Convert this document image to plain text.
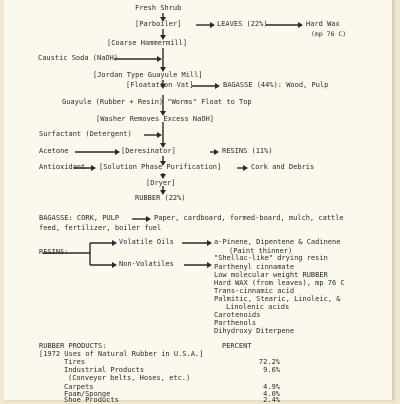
Fresh Shrub
[Parboiler]	LEAVES (22%)	Hard Wax
(mp 76 C)
[Coarse Hammermill]
Caustic Soda (NaOH)
[Jordan Type Guayule Mill]
[Floatation Vat]	BAGASSE (44%): Wood, Pulp
Guayule (Rubber + Resin) "Worms" Float to Top
[Washer Removes Excess NaOH]
Surfactant (Detergent)
Acetone	[Deresinator]	RESINS (11%)
Antioxidant [Solution Phase Purification]	Cork and Debris
[Dryer]
RUBBER (22%)
BAGASSE: CORK, PULP	Paper, cardboard, formed-board, mulch, cattle
feed, fertilizer, boiler fuel
RESINS:
Volatile Oils
Non-Volatiles
a-Pinene, Dipentene & Cadinene
(Paint thinner)
"Shellac-like" drying resin
Parthenyl cinnamate
Low molecular weight RUBBER
Hard WAX (from leaves), mp 76 C
Trans-cinnamic acid
Palmitic, Stearic, Linoleic, &
Linolenic acids
Carotenoids
Parthenols
Dihydroxy Diterpene
RUBBER PRODUCTS:	PERCENT
[1972 Uses of Natural Rubber in U.S.A.]
Tires	72.2%
Industrial Products	9.6%
(Conveyor belts, Hoses, etc.)
Carpets	4.9%
Foam/Sponge	4.0%
Shoe Products	2.4%
